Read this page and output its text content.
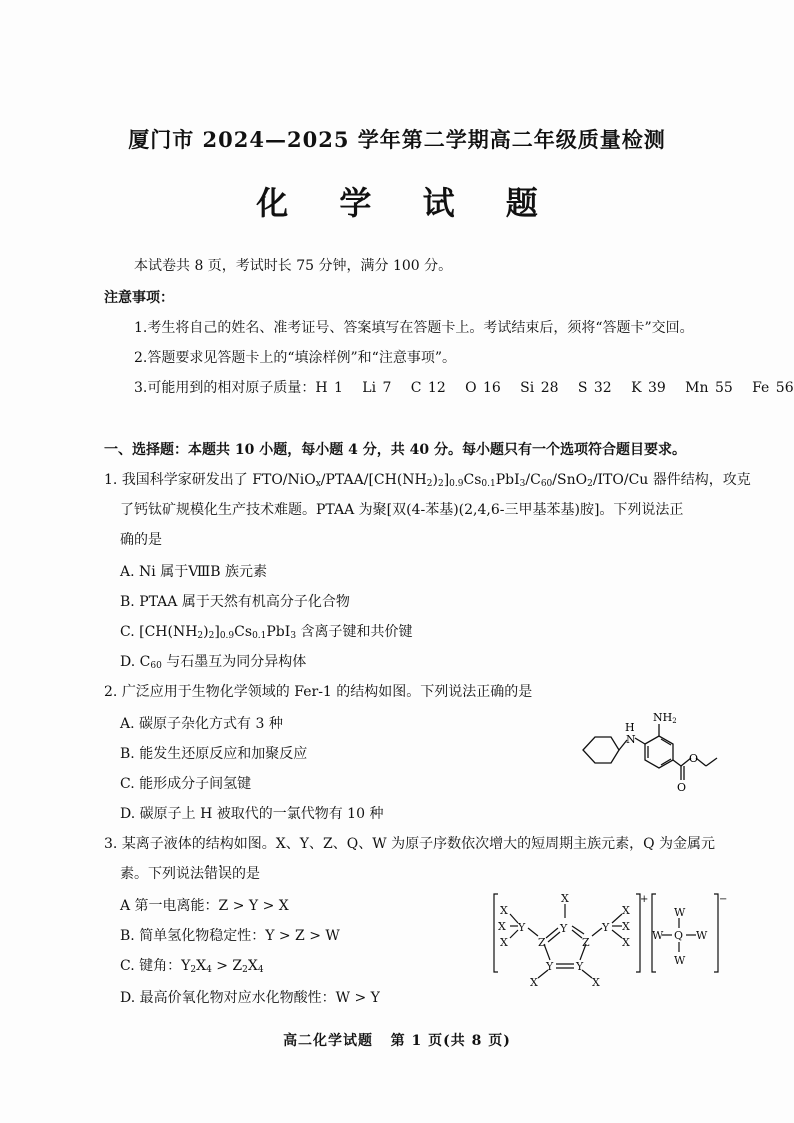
厦门市 2024—2025 学年第二学期高二年级质量检测
化 学 试 题
本试卷共 8 页，考试时长 75 分钟，满分 100 分。
注意事项：
1.考生将自己的姓名、准考证号、答案填写在答题卡上。考试结束后，须将“答题卡”交回。
2.答题要求见答题卡上的“填涂样例”和“注意事项”。
3.可能用到的相对原子质量：H 1   Li 7   C 12   O 16   Si 28   S 32   K 39   Mn 55   Fe 56
一、选择题：本题共 10 小题，每小题 4 分，共 40 分。每小题只有一个选项符合题目要求。
1. 我国科学家研发出了 FTO/$NiO_x/PTAA/[CH(NH_2)_2]_{0.9}Cs_{0.1}PbI_3/C_{60}/SnO_2/ITO/Cu$ 器件结构，攻克
了钙钛矿规模化生产技术难题。PTAA 为聚[双(4-苯基)(2,4,6-三甲基苯基)胺]。下列说法正
确的是
A. Ni 属于ⅧB 族元素
B. PTAA 属于天然有机高分子化合物
C. $[CH(NH_2)_2]_{0.9}Cs_{0.1}PbI_3$ 含离子键和共价键
D. $C_{60}$ 与石墨互为同分异构体
2. 广泛应用于生物化学领域的 Fer-1 的结构如图。下列说法正确的是
A. 碳原子杂化方式有 3 种
B. 能发生还原反应和加聚反应
C. 能形成分子间氢键
D. 碳原子上 H 被取代的一氯代物有 10 种
H
N
NH2
O
O
3. 某离子液体的结构如图。X、Y、Z、Q、W 为原子序数依次增大的短周期主族元素，Q 为金属元
素。下列说法• • 错误的是
A 第一电离能：Z > Y > X
B. 简单氢化物稳定性：Y > Z > W
C. 键角：$Y_2X_4 > Z_2X_4$
D. 最高价氧化物对应水化物酸性：W > Y
X
X
X
Y
Z
Y
X
Z
Y
X
X
X
Y Y
X	X
+
W
W Q W
W
−
高二化学试题   第 1 页(共 8 页)
